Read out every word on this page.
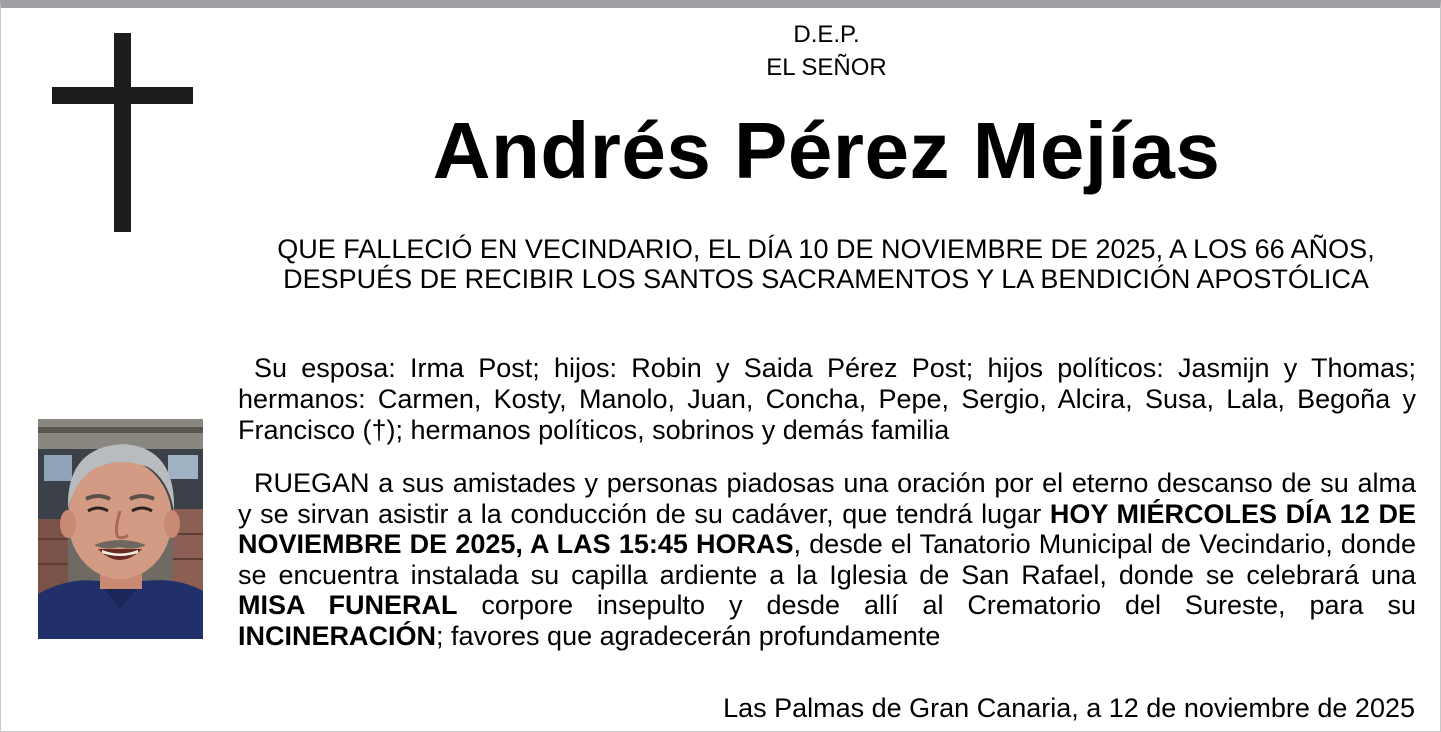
D.E.P.
EL SEÑOR
Andrés Pérez Mejías
QUE FALLECIÓ EN VECINDARIO, EL DÍA 10 DE NOVIEMBRE DE 2025, A LOS 66 AÑOS, DESPUÉS DE RECIBIR LOS SANTOS SACRAMENTOS Y LA BENDICIÓN APOSTÓLICA
Su esposa: Irma Post; hijos: Robin y Saida Pérez Post; hijos políticos: Jasmijn y Thomas; hermanos: Carmen, Kosty, Manolo, Juan, Concha, Pepe, Sergio, Alcira, Susa, Lala, Begoña y Francisco (†); hermanos políticos, sobrinos y demás familia
RUEGAN a sus amistades y personas piadosas una oración por el eterno descanso de su alma y se sirvan asistir a la conducción de su cadáver, que tendrá lugar HOY MIÉRCOLES DÍA 12 DE NOVIEMBRE DE 2025, A LAS 15:45 HORAS, desde el Tanatorio Municipal de Vecindario, donde se encuentra instalada su capilla ardiente a la Iglesia de San Rafael, donde se celebrará una MISA FUNERAL corpore insepulto y desde allí al Crematorio del Sureste, para su INCINERACIÓN; favores que agradecerán profundamente
Las Palmas de Gran Canaria, a 12 de noviembre de 2025
